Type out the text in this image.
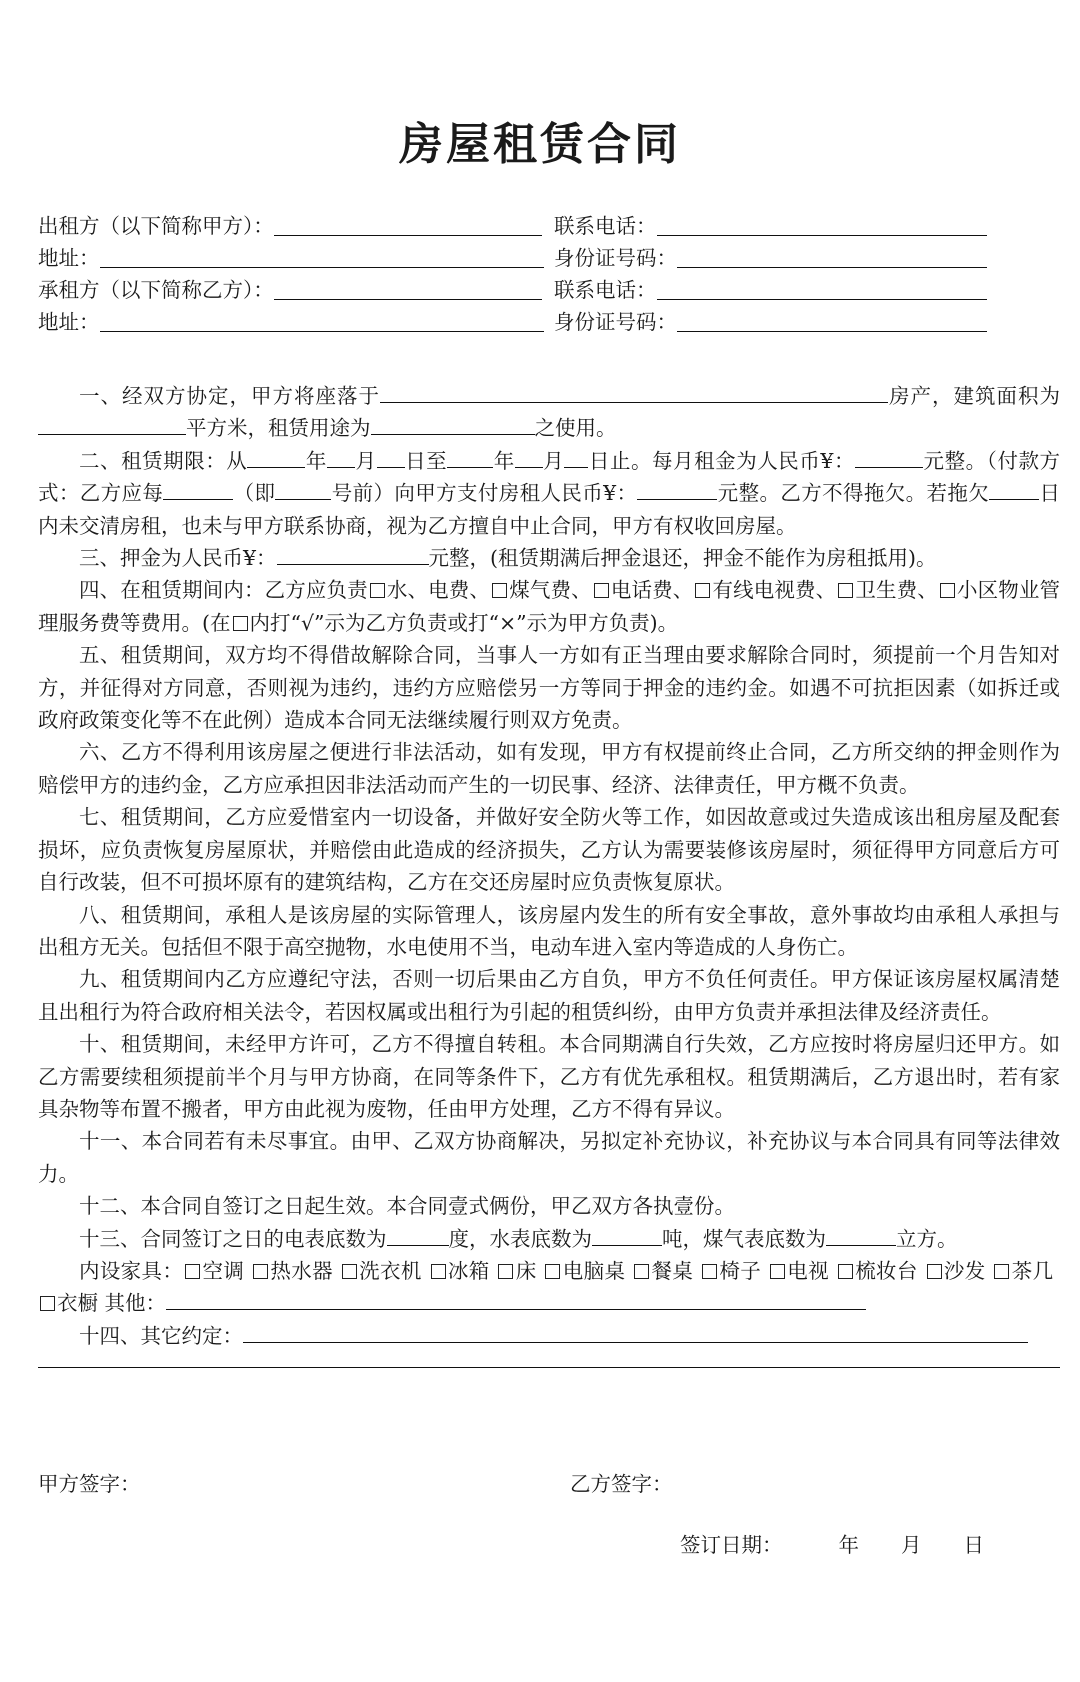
房屋租赁合同
出租方（以下简称甲方）：	联系电话：
地址：	身份证号码：
承租方（以下简称乙方）：	联系电话：
地址：	身份证号码：

一、经双方协定，甲方将座落于	房产，建筑面积为平方米，租赁用途为	之使用。

二、租赁期限：从	年 月 日至 年 月 日止。每月租金为人民币¥：	元整。（付款方式：乙方应每	（即	号前）向甲方支付房租人民币¥：	元整。乙方不得拖欠。若拖欠 日内未交清房租，也未与甲方联系协商，视为乙方擅自中止合同，甲方有权收回房屋。

三、押金为人民币¥：	元整，(租赁期满后押金退还，押金不能作为房租抵用)。

四、在租赁期间内：乙方应负责 水、电费、 煤气费、 电话费、 有线电视费、 卫生费、 小区物业管理服务费等费用。(在 内打“√”示为乙方负责或打“×”示为甲方负责)。

五、租赁期间，双方均不得借故解除合同，当事人一方如有正当理由要求解除合同时，须提前一个月告知对方，并征得对方同意，否则视为违约，违约方应赔偿另一方等同于押金的违约金。如遇不可抗拒因素（如拆迁或政府政策变化等不在此例）造成本合同无法继续履行则双方免责。

六、乙方不得利用该房屋之便进行非法活动，如有发现，甲方有权提前终止合同，乙方所交纳的押金则作为赔偿甲方的违约金，乙方应承担因非法活动而产生的一切民事、经济、法律责任，甲方概不负责。

七、租赁期间，乙方应爱惜室内一切设备，并做好安全防火等工作，如因故意或过失造成该出租房屋及配套损坏，应负责恢复房屋原状，并赔偿由此造成的经济损失，乙方认为需要装修该房屋时，须征得甲方同意后方可自行改装，但不可损坏原有的建筑结构，乙方在交还房屋时应负责恢复原状。

八、租赁期间，承租人是该房屋的实际管理人，该房屋内发生的所有安全事故，意外事故均由承租人承担与出租方无关。包括但不限于高空抛物，水电使用不当，电动车进入室内等造成的人身伤亡。

九、租赁期间内乙方应遵纪守法，否则一切后果由乙方自负，甲方不负任何责任。甲方保证该房屋权属清楚且出租行为符合政府相关法令，若因权属或出租行为引起的租赁纠纷，由甲方负责并承担法律及经济责任。

十、租赁期间，未经甲方许可，乙方不得擅自转租。本合同期满自行失效，乙方应按时将房屋归还甲方。如乙方需要续租须提前半个月与甲方协商，在同等条件下，乙方有优先承租权。租赁期满后，乙方退出时，若有家具杂物等布置不搬者，甲方由此视为废物，任由甲方处理，乙方不得有异议。

十一、本合同若有未尽事宜。由甲、乙双方协商解决，另拟定补充协议，补充协议与本合同具有同等法律效力。

十二、本合同自签订之日起生效。本合同壹式俩份，甲乙双方各执壹份。

十三、合同签订之日的电表底数为	度，水表底数为	吨，煤气表底数为	立方。

内设家具： 空调 热水器 洗衣机 冰箱 床 电脑桌 餐桌 椅子 电视 梳妆台 沙发 茶几 衣橱 其他：

十四、其它约定：

甲方签字：	乙方签字：
签订日期：	年 月 日
